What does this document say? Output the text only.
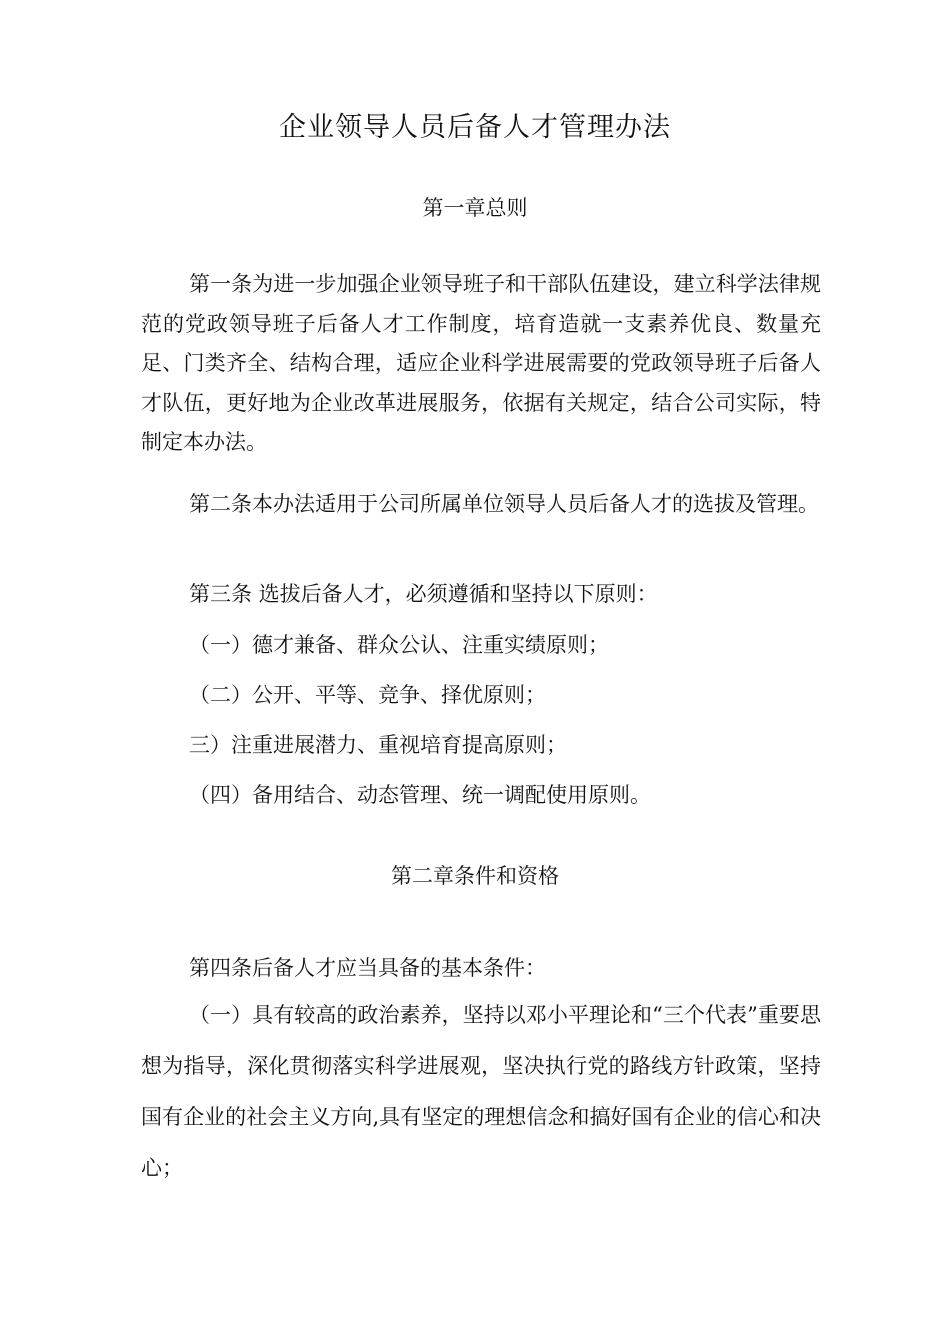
企业领导人员后备人才管理办法
第一章总则
第一条为进一步加强企业领导班子和干部队伍建设，建立科学法律规范的党政领导班子后备人才工作制度，培育造就一支素养优良、数量充足、门类齐全、结构合理，适应企业科学进展需要的党政领导班子后备人才队伍，更好地为企业改革进展服务，依据有关规定，结合公司实际，特制定本办法。
第二条本办法适用于公司所属单位领导人员后备人才的选拔及管理。
第三条 选拔后备人才，必须遵循和坚持以下原则：
（一）德才兼备、群众公认、注重实绩原则；
（二）公开、平等、竞争、择优原则；
三）注重进展潜力、重视培育提高原则；
（四）备用结合、动态管理、统一调配使用原则。
第二章条件和资格
第四条后备人才应当具备的基本条件：
（一）具有较高的政治素养，坚持以邓小平理论和“三个代表”重要思想为指导，深化贯彻落实科学进展观，坚决执行党的路线方针政策，坚持国有企业的社会主义方向,具有坚定的理想信念和搞好国有企业的信心和决心；
